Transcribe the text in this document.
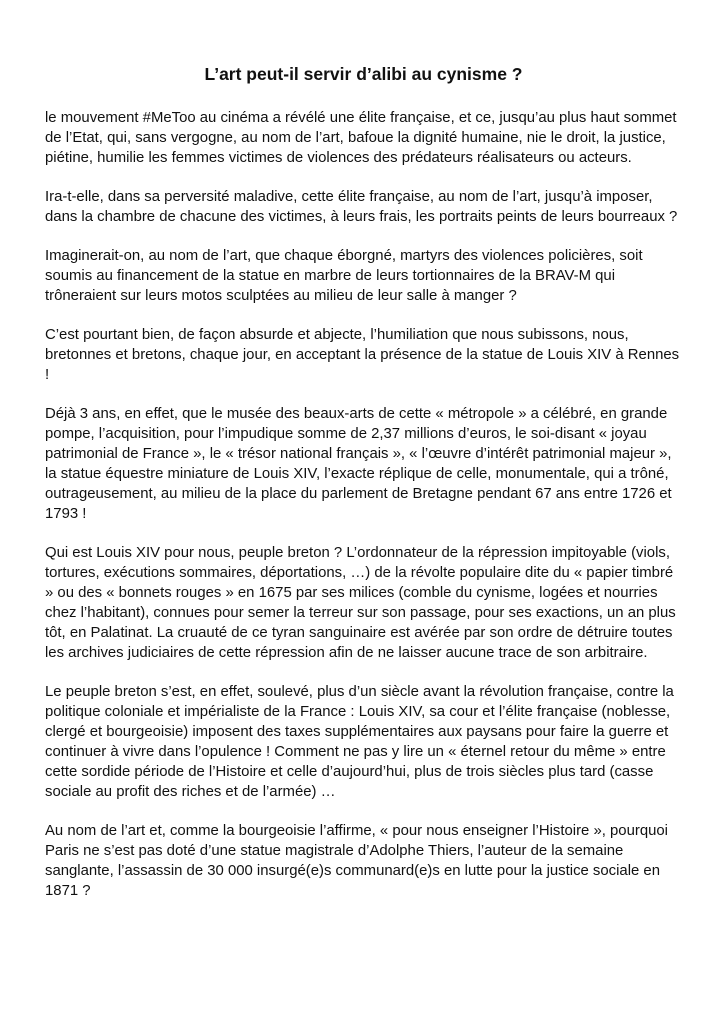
L’art peut-il servir d’alibi au cynisme ?

le mouvement #MeToo au cinéma a révélé une élite française, et ce, jusqu’au plus haut sommet de l’Etat, qui, sans vergogne, au nom de l’art, bafoue la dignité humaine, nie le droit, la justice, piétine, humilie les femmes victimes de violences des prédateurs réalisateurs ou acteurs.

Ira-t-elle, dans sa perversité maladive, cette élite française, au nom de l’art, jusqu’à imposer, dans la chambre de chacune des victimes, à leurs frais, les portraits peints de leurs bourreaux ?

Imaginerait-on, au nom de l’art, que chaque éborgné, martyrs des violences policières, soit soumis au financement de la statue en marbre de leurs tortionnaires de la BRAV-M qui trôneraient sur leurs motos sculptées au milieu de leur salle à manger ?

C’est pourtant bien, de façon absurde et abjecte, l’humiliation que nous subissons, nous, bretonnes et bretons, chaque jour, en acceptant la présence de la statue de Louis XIV à Rennes !

Déjà 3 ans, en effet, que le musée des beaux-arts de cette « métropole » a célébré, en grande pompe, l’acquisition, pour l’impudique somme de 2,37 millions d’euros, le soi-disant « joyau patrimonial de France », le « trésor national français », « l’œuvre d’intérêt patrimonial majeur », la statue équestre miniature de Louis XIV, l’exacte réplique de celle, monumentale, qui a trôné, outrageusement, au milieu de la place du parlement de Bretagne pendant 67 ans entre 1726 et 1793 !

Qui est Louis XIV pour nous, peuple breton ? L’ordonnateur de la répression impitoyable (viols, tortures, exécutions sommaires, déportations, …) de la révolte populaire dite du « papier timbré » ou des « bonnets rouges » en 1675 par ses milices (comble du cynisme, logées et nourries chez l’habitant), connues pour semer la terreur sur son passage, pour ses exactions, un an plus tôt, en Palatinat. La cruauté de ce tyran sanguinaire est avérée par son ordre de détruire toutes les archives judiciaires de cette répression afin de ne laisser aucune trace de son arbitraire.

Le peuple breton s’est, en effet, soulevé, plus d’un siècle avant la révolution française, contre la politique coloniale et impérialiste de la France : Louis XIV, sa cour et l’élite française (noblesse, clergé et bourgeoisie) imposent des taxes supplémentaires aux paysans pour faire la guerre et continuer à vivre dans l’opulence ! Comment ne pas y lire un « éternel retour du même » entre cette sordide période de l’Histoire et celle d’aujourd’hui, plus de trois siècles plus tard (casse sociale au profit des riches et de l’armée) …

Au nom de l’art et, comme la bourgeoisie l’affirme, « pour nous enseigner l’Histoire », pourquoi Paris ne s’est pas doté d’une statue magistrale d’Adolphe Thiers, l’auteur de la semaine sanglante, l’assassin de 30 000 insurgé(e)s communard(e)s en lutte pour la justice sociale en 1871 ?
